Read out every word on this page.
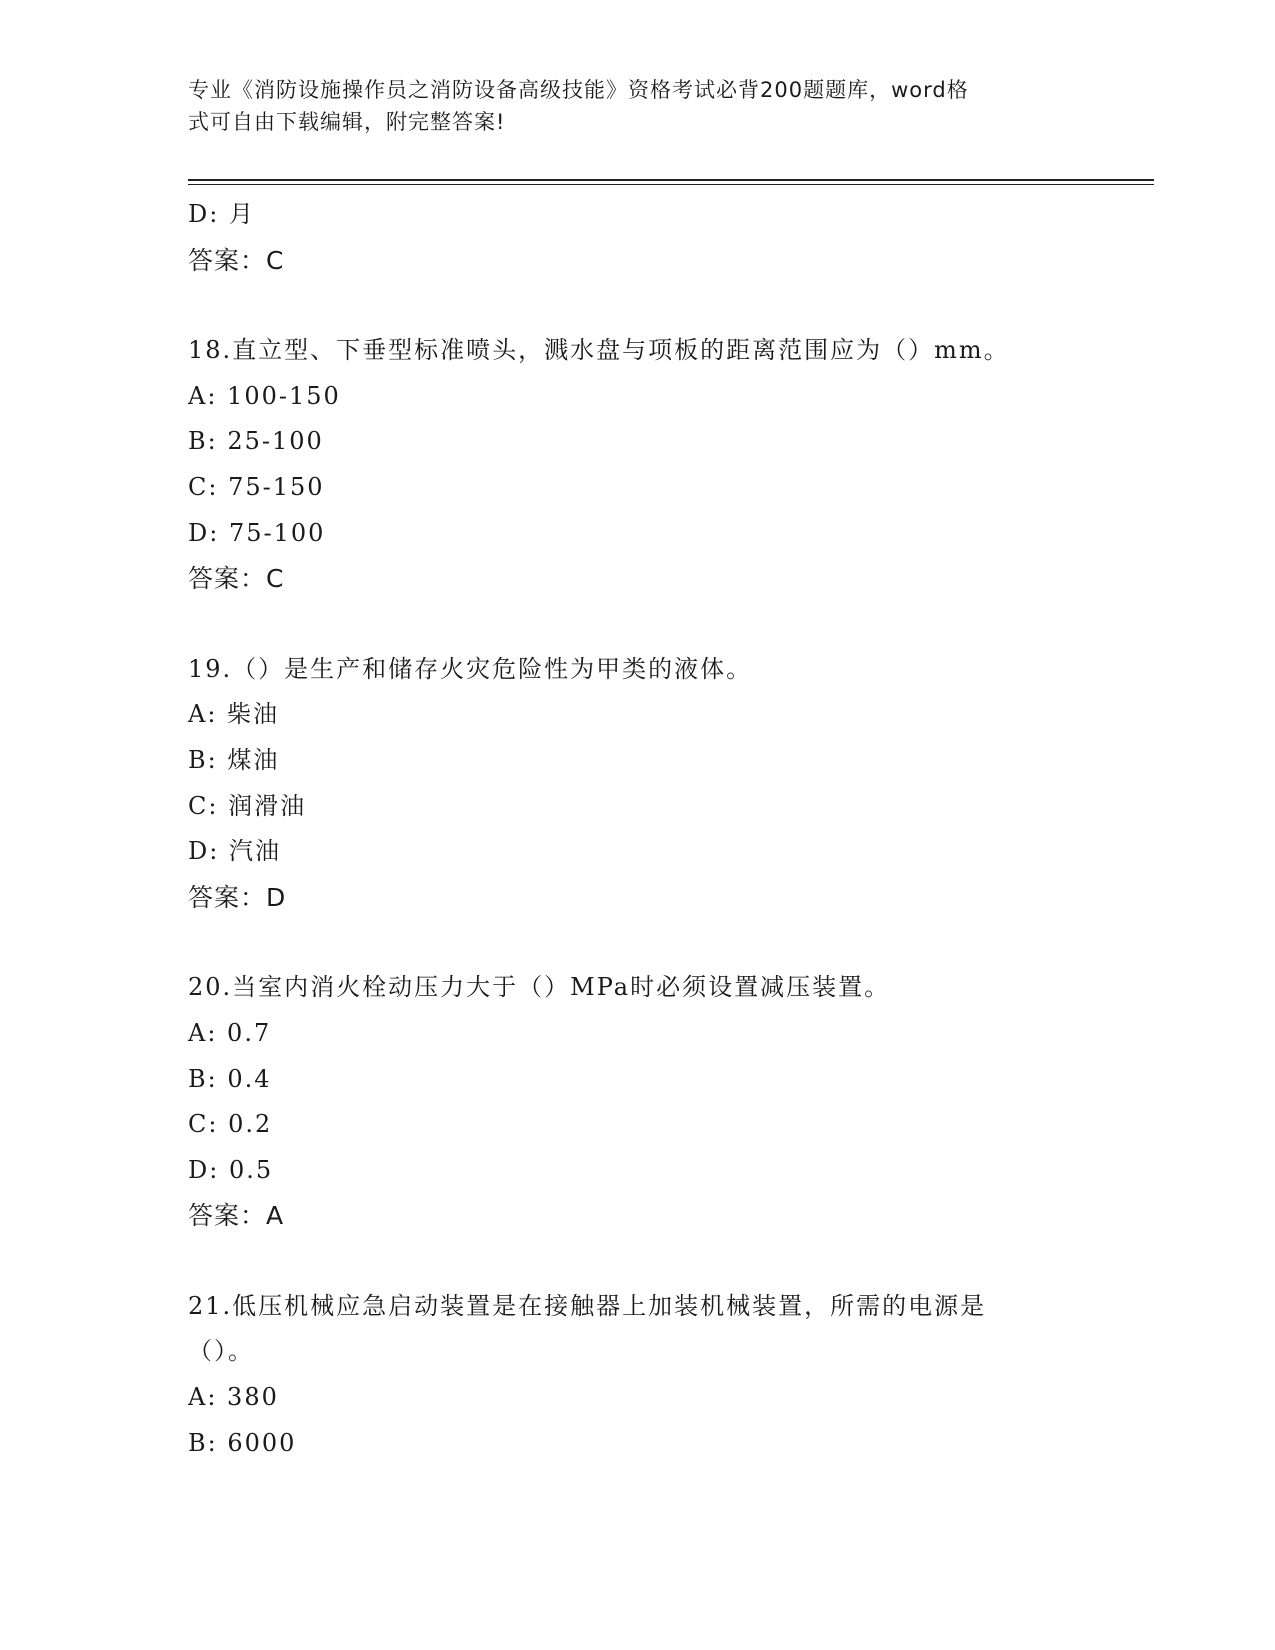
专业《消防设施操作员之消防设备高级技能》资格考试必背200题题库，word格
式可自由下载编辑，附完整答案!
D: 月
答案：C
18.直立型、下垂型标准喷头，溅水盘与项板的距离范围应为（）mm。
A: 100-150
B: 25-100
C: 75-150
D: 75-100
答案：C
19.（）是生产和储存火灾危险性为甲类的液体。
A: 柴油
B: 煤油
C: 润滑油
D: 汽油
答案：D
20.当室内消火栓动压力大于（）MPa时必须设置减压装置。
A: 0.7
B: 0.4
C: 0.2
D: 0.5
答案：A
21.低压机械应急启动装置是在接触器上加装机械装置，所需的电源是
（）。
A: 380
B: 6000
